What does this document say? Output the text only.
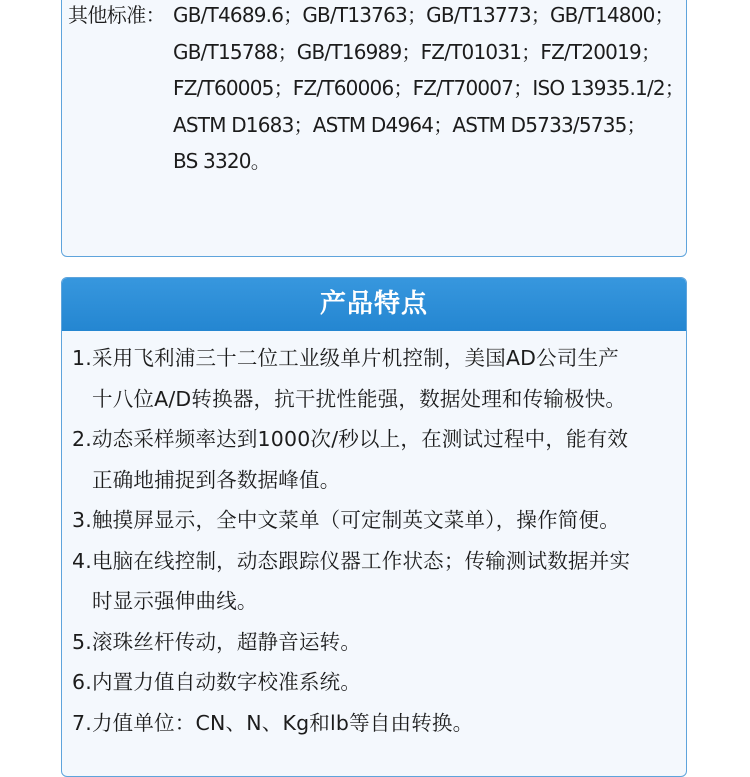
其他标准： GB/T4689.6；GB/T13763；GB/T13773；GB/T14800；
GB/T15788；GB/T16989；FZ/T01031；FZ/T20019；
FZ/T60005；FZ/T60006；FZ/T70007；ISO 13935.1/2；
ASTM D1683；ASTM D4964；ASTM D5733/5735；
BS 3320。
产品特点
1.采用飞利浦三十二位工业级单片机控制，美国AD公司生产
十八位A/D转换器，抗干扰性能强，数据处理和传输极快。
2.动态采样频率达到1000次/秒以上，在测试过程中，能有效
正确地捕捉到各数据峰值。
3.触摸屏显示，全中文菜单（可定制英文菜单），操作简便。
4.电脑在线控制，动态跟踪仪器工作状态；传输测试数据并实
时显示强伸曲线。
5.滚珠丝杆传动，超静音运转。
6.内置力值自动数字校准系统。
7.力值单位：CN、N、Kg和lb等自由转换。
